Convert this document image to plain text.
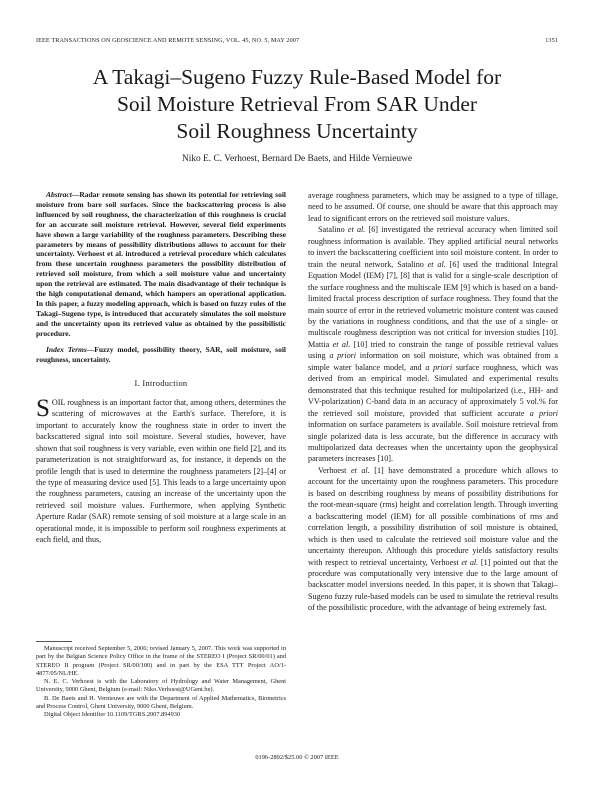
IEEE TRANSACTIONS ON GEOSCIENCE AND REMOTE SENSING, VOL. 45, NO. 5, MAY 2007	1351
A Takagi–Sugeno Fuzzy Rule-Based Model for
Soil Moisture Retrieval From SAR Under
Soil Roughness Uncertainty
Niko E. C. Verhoest, Bernard De Baets, and Hilde Vernieuwe

Abstract—Radar remote sensing has shown its potential for retrieving soil moisture from bare soil surfaces. Since the backscattering process is also influenced by soil roughness, the characterization of this roughness is crucial for an accurate soil moisture retrieval. However, several field experiments have shown a large variability of the roughness parameters. Describing these parameters by means of possibility distributions allows to account for their uncertainty. Verhoest et al. introduced a retrieval procedure which calculates from these uncertain roughness parameters the possibility distribution of retrieved soil moisture, from which a soil moisture value and uncertainty upon the retrieval are estimated. The main disadvantage of their technique is the high computational demand, which hampers an operational application. In this paper, a fuzzy modeling approach, which is based on fuzzy rules of the Takagi–Sugeno type, is introduced that accurately simulates the soil moisture and the uncertainty upon its retrieved value as obtained by the possibilistic procedure.

Index Terms—Fuzzy model, possibility theory, SAR, soil moisture, soil roughness, uncertainty.

I. Introduction

SOIL roughness is an important factor that, among others, determines the scattering of microwaves at the Earth's surface. Therefore, it is important to accurately know the roughness state in order to invert the backscattered signal into soil moisture. Several studies, however, have shown that soil roughness is very variable, even within one field [2], and its parameterization is not straightforward as, for instance, it depends on the profile length that is used to determine the roughness parameters [2]–[4] or the type of measuring device used [5]. This leads to a large uncertainty upon the roughness parameters, causing an increase of the uncertainty upon the retrieved soil moisture values. Furthermore, when applying Synthetic Aperture Radar (SAR) remote sensing of soil moisture at a large scale in an operational mode, it is impossible to perform soil roughness experiments at each field, and thus,

Manuscript received September 5, 2006; revised January 5, 2007. This work was supported in part by the Belgian Science Policy Office in the frame of the STEREO I (Project SR/00/01) and STEREO II program (Project SR/00/100) and in part by the ESA TTT Project AO/1-4877/05/NL/HE.

N. E. C. Verhoest is with the Laboratory of Hydrology and Water Management, Ghent University, 9000 Ghent, Belgium (e-mail: Niko.Verhoest@UGent.be).

B. De Baets and H. Vernieuwe are with the Department of Applied Mathematics, Biometrics and Process Control, Ghent University, 9000 Ghent, Belgium.

Digital Object Identifier 10.1109/TGRS.2007.894930

average roughness parameters, which may be assigned to a type of tillage, need to be assumed. Of course, one should be aware that this approach may lead to significant errors on the retrieved soil moisture values.

Satalino et al. [6] investigated the retrieval accuracy when limited soil roughness information is available. They applied artificial neural networks to invert the backscattering coefficient into soil moisture content. In order to train the neural network, Satalino et al. [6] used the traditional Integral Equation Model (IEM) [7], [8] that is valid for a single-scale description of the surface roughness and the multiscale IEM [9] which is based on a band-limited fractal process description of surface roughness. They found that the main source of error in the retrieved volumetric moisture content was caused by the variations in roughness conditions, and that the use of a single- or multiscale roughness description was not critical for inversion studies [10]. Mattia et al. [10] tried to constrain the range of possible retrieval values using a priori information on soil moisture, which was obtained from a simple water balance model, and a priori surface roughness, which was derived from an empirical model. Simulated and experimental results demonstrated that this technique resulted for multipolarized (i.e., HH- and VV-polarization) C-band data in an accuracy of approximately 5 vol.% for the retrieved soil moisture, provided that sufficient accurate a priori information on surface parameters is available. Soil moisture retrieval from single polarized data is less accurate, but the difference in accuracy with multipolarized data decreases when the uncertainty upon the geophysical parameters increases [10].

Verhoest et al. [1] have demonstrated a procedure which allows to account for the uncertainty upon the roughness parameters. This procedure is based on describing roughness by means of possibility distributions for the root-mean-square (rms) height and correlation length. Through inverting a backscattering model (IEM) for all possible combinations of rms and correlation length, a possibility distribution of soil moisture is obtained, which is then used to calculate the retrieved soil moisture value and the uncertainty thereupon. Although this procedure yields satisfactory results with respect to retrieval uncertainty, Verhoest et al. [1] pointed out that the procedure was computationally very intensive due to the large amount of backscatter model inversions needed. In this paper, it is shown that Takagi–Sugeno fuzzy rule-based models can be used to simulate the retrieval results of the possibilistic procedure, with the advantage of being extremely fast.

0196-2892/$25.00 © 2007 IEEE
